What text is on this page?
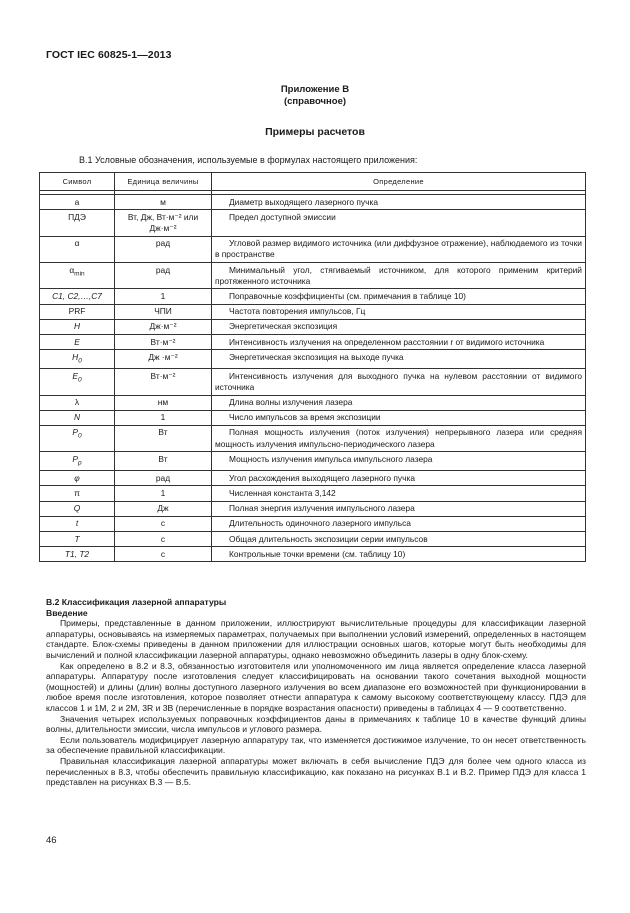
ГОСТ IEC 60825-1—2013
Приложение В
(справочное)
Примеры расчетов
В.1 Условные обозначения, используемые в формулах настоящего приложения:
Символ	Единица величины	Определение

a	м	Диаметр выходящего лазерного пучка
ПДЭ	Вт, Дж, Вт·м⁻² или Дж·м⁻²	Предел доступной эмиссии
α	рад	Угловой размер видимого источника (или диффузное отражение), наблюдаемого из точки в пространстве
$\alpha_{min}$	рад	Минимальный угол, стягиваемый источником, для которого применим критерий протяженного источника
C1, C2,…,C7	1	Поправочные коэффициенты (см. примечания в таблице 10)
PRF	ЧПИ	Частота повторения импульсов, Гц
H	Дж·м⁻²	Энергетическая экспозиция
E	Вт·м⁻²	Интенсивность излучения на определенном расстоянии r от видимого источника
$H_0$	Дж ·м⁻²	Энергетическая экспозиция на выходе пучка
$E_0$	Вт·м⁻²	Интенсивность излучения для выходного пучка на нулевом расстоянии от видимого источника
λ	нм	Длина волны излучения лазера
N	1	Число импульсов за время экспозиции
$P_0$	Вт	Полная мощность излучения (поток излучения) непрерывного лазера или средняя мощность излучения импульсно-периодического лазера
$P_p$	Вт	Мощность излучения импульса импульсного лазера
φ	рад	Угол расхождения выходящего лазерного пучка
π	1	Численная константа 3,142
Q	Дж	Полная энергия излучения импульсного лазера
t	с	Длительность одиночного лазерного импульса
T	с	Общая длительность экспозиции серии импульсов
T1, T2	с	Контрольные точки времени (см. таблицу 10)
В.2 Классификация лазерной аппаратуры
Введение

Примеры, представленные в данном приложении, иллюстрируют вычислительные процедуры для классификации лазерной аппаратуры, основываясь на измеряемых параметрах, получаемых при выполнении условий измерений, определенных в настоящем стандарте. Блок-схемы приведены в данном приложении для иллюстрации основных шагов, которые могут быть необходимы для вычислений и полной классификации лазерной аппаратуры, однако невозможно объединить лазеры в одну блок-схему.

Как определено в 8.2 и 8.3, обязанностью изготовителя или уполномоченного им лица является определение класса лазерной аппаратуры. Аппаратуру после изготовления следует классифицировать на основании такого сочетания выходной мощности (мощностей) и длины (длин) волны доступного лазерного излучения во всем диапазоне его возможностей при функционировании в любое время после изготовления, которое позволяет отнести аппаратура к самому высокому соответствующему классу. ПДЭ для классов 1 и 1М, 2 и 2М, 3R и 3В (перечисленные в порядке возрастания опасности) приведены в таблицах 4 — 9 соответственно.

Значения четырех используемых поправочных коэффициентов даны в примечаниях к таблице 10 в качестве функций длины волны, длительности эмиссии, числа импульсов и углового размера.

Если пользователь модифицирует лазерную аппаратуру так, что изменяется достижимое излучение, то он несет ответственность за обеспечение правильной классификации.

Правильная классификация лазерной аппаратуры может включать в себя вычисление ПДЭ для более чем одного класса из перечисленных в 8.3, чтобы обеспечить правильную классификацию, как показано на рисунках В.1 и В.2. Пример ПДЭ для класса 1 представлен на рисунках В.3 — В.5.

46
